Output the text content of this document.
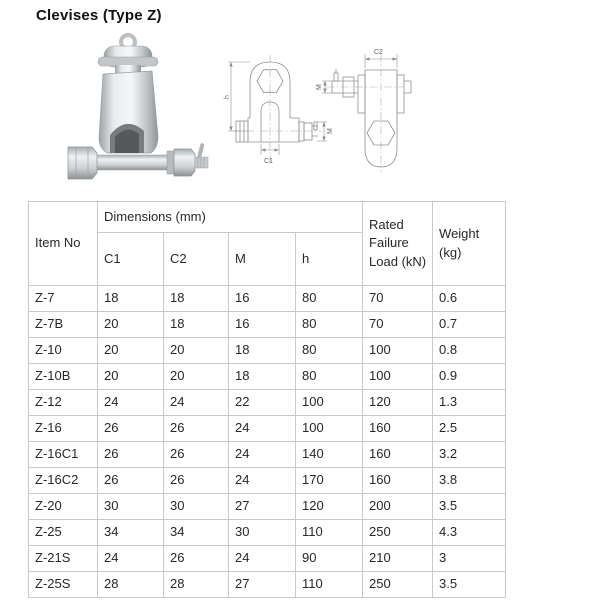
Clevises (Type Z)
C1
h
M
C2
M
Item No	Dimensions (mm)				Rated Failure Load (kN)	Weight (kg)
	C1	C2	M	h		
Z-7	18	18	16	80	70	0.6
Z-7B	20	18	16	80	70	0.7
Z-10	20	20	18	80	100	0.8
Z-10B	20	20	18	80	100	0.9
Z-12	24	24	22	100	120	1.3
Z-16	26	26	24	100	160	2.5
Z-16C1	26	26	24	140	160	3.2
Z-16C2	26	26	24	170	160	3.8
Z-20	30	30	27	120	200	3.5
Z-25	34	34	30	110	250	4.3
Z-21S	24	26	24	90	210	3
Z-25S	28	28	27	110	250	3.5
